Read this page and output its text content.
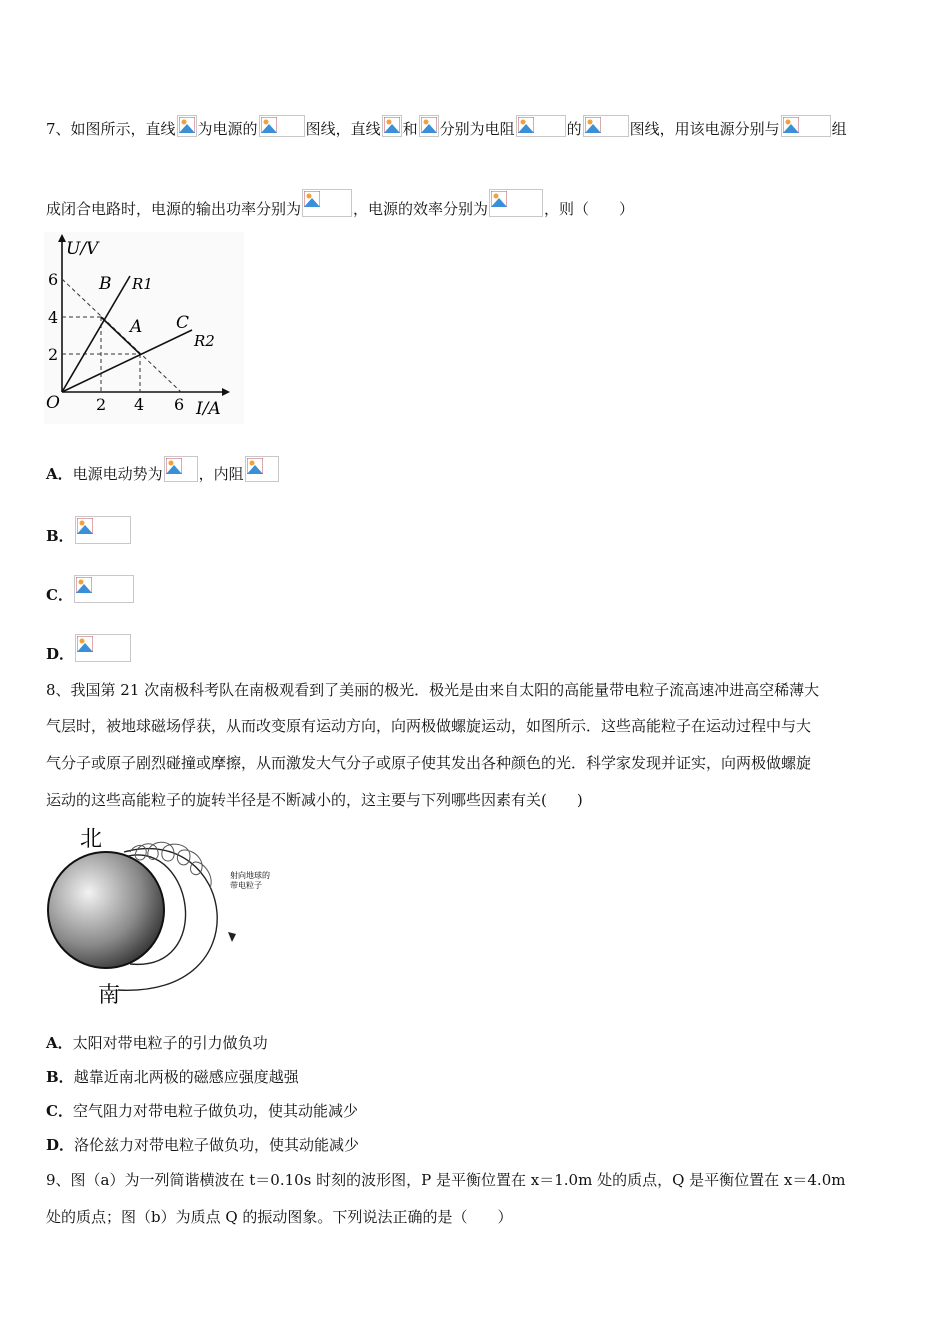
7、如图所示，直线 为电源的	图线，直线 和 分别为电阻	的	图线，用该电源分别与	组
成闭合电路时，电源的输出功率分别为	，电源的效率分别为	，则（　　）
U/V
I/A
O
6
4
2
2 4 6
B
A C
R1
R2
A．电源电动势为 ，内阻
B．
C．
D．
8、我国第 21 次南极科考队在南极观看到了美丽的极光．极光是由来自太阳的高能量带电粒子流高速冲进高空稀薄大
气层时，被地球磁场俘获，从而改变原有运动方向，向两极做螺旋运动，如图所示．这些高能粒子在运动过程中与大
气分子或原子剧烈碰撞或摩擦，从而激发大气分子或原子使其发出各种颜色的光．科学家发现并证实，向两极做螺旋
运动的这些高能粒子的旋转半径是不断减小的，这主要与下列哪些因素有关(　　)
北
射向地球的
带电粒子
南
A．太阳对带电粒子的引力做负功
B．越靠近南北两极的磁感应强度越强
C．空气阻力对带电粒子做负功，使其动能减少
D．洛伦兹力对带电粒子做负功，使其动能减少
9、图（a）为一列简谐横波在 t＝0.10s 时刻的波形图，P 是平衡位置在 x＝1.0m 处的质点，Q 是平衡位置在 x＝4.0m
处的质点；图（b）为质点 Q 的振动图象。下列说法正确的是（　　）
